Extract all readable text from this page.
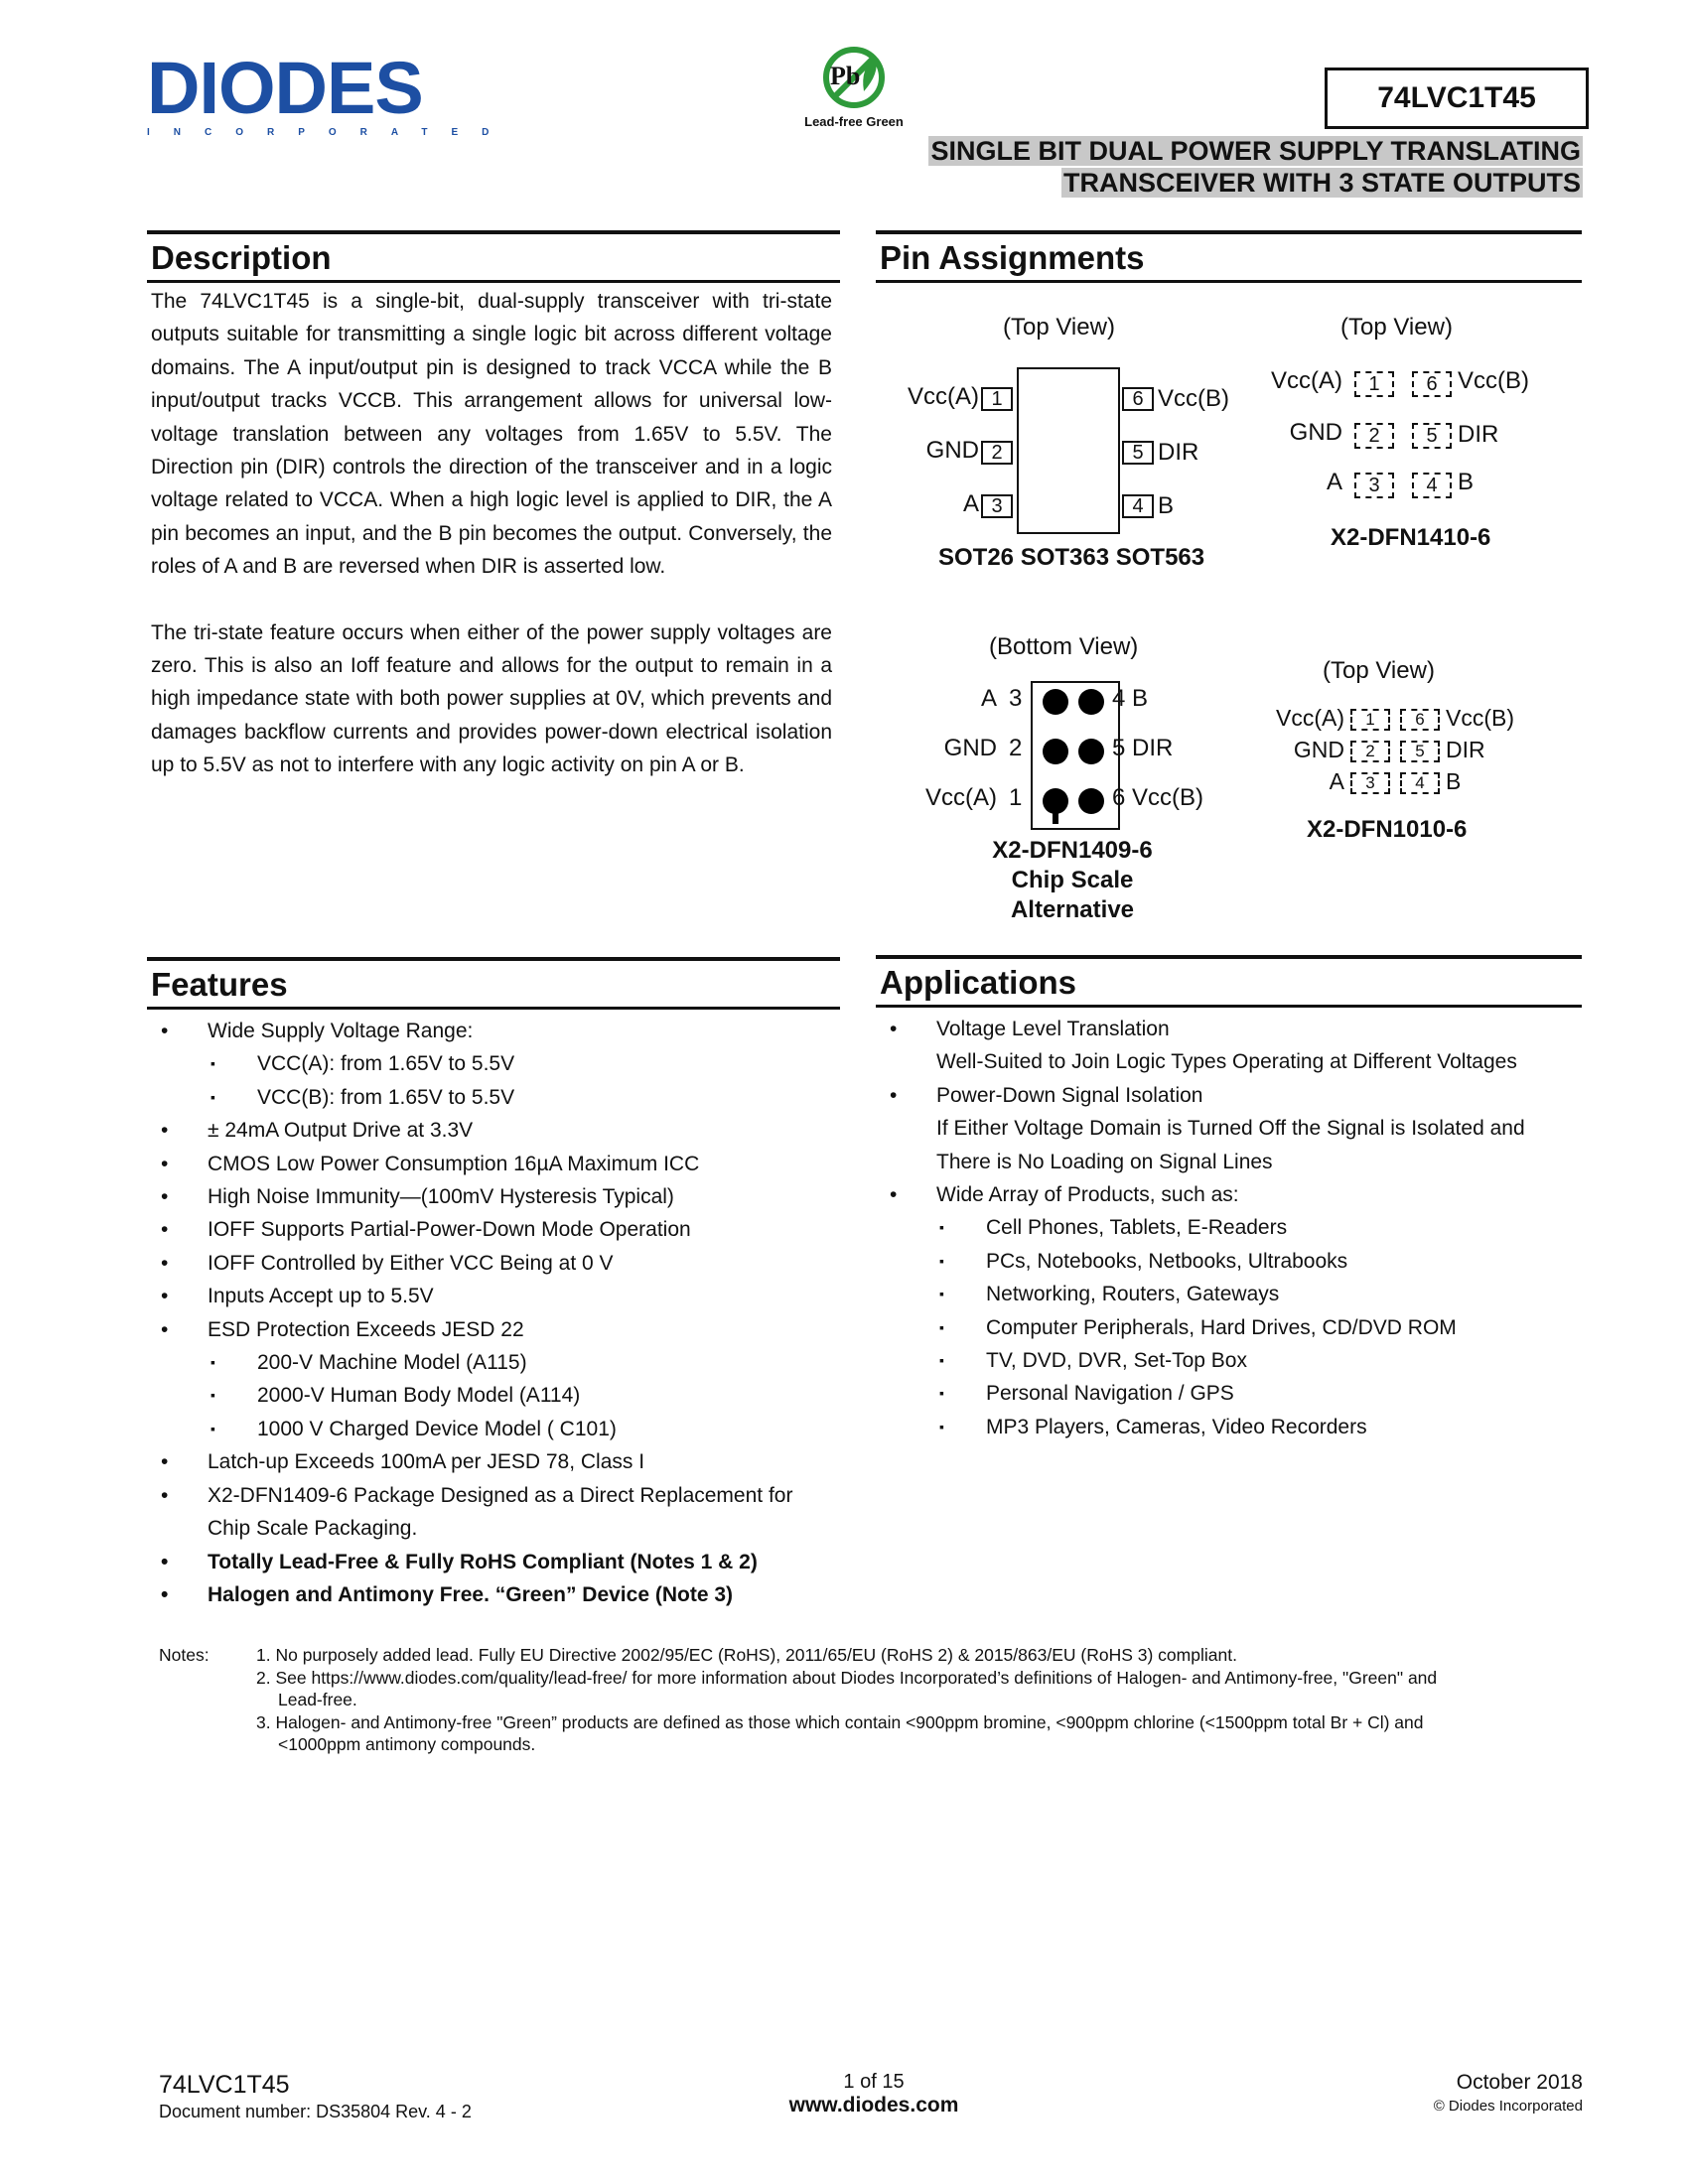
DIODES
INCORPORATED
Pb
Lead-free Green
74LVC1T45
SINGLE BIT DUAL POWER SUPPLY TRANSLATING
TRANSCEIVER WITH 3 STATE OUTPUTS
Description

The 74LVC1T45 is a single-bit, dual-supply transceiver with tri-state outputs suitable for transmitting a single logic bit across different voltage domains. The A input/output pin is designed to track VCCA while the B input/output tracks VCCB. This arrangement allows for universal low-voltage translation between any voltages from 1.65V to 5.5V. The Direction pin (DIR) controls the direction of the transceiver and in a logic voltage related to VCCA. When a high logic level is applied to DIR, the A pin becomes an input, and the B pin becomes the output. Conversely, the roles of A and B are reversed when DIR is asserted low.

The tri-state feature occurs when either of the power supply voltages are zero. This is also an Ioff feature and allows for the output to remain in a high impedance state with both power supplies at 0V, which prevents and damages backflow currents and provides power-down electrical isolation up to 5.5V as not to interfere with any logic activity on pin A or B.

Pin Assignments
(Top View)
Vcc(A) 1
GND 2
A 3
6 Vcc(B)
5 DIR
4 B
SOT26 SOT363 SOT563
(Top View)
Vcc(A)	1	6 Vcc(B)
GND	2	5 DIR
A	3	4 B
X2-DFN1410-6
(Bottom View)
A 3
GND 2
Vcc(A) 1
4 B
5 DIR
6 Vcc(B)
X2-DFN1409-6
Chip Scale
Alternative
(Top View)
Vcc(A)	1	6 Vcc(B)
GND	2	5 DIR
A	3	4 B
X2-DFN1010-6
Features
• Wide Supply Voltage Range:
▪ VCC(A): from 1.65V to 5.5V
▪ VCC(B): from 1.65V to 5.5V
• ± 24mA Output Drive at 3.3V
• CMOS Low Power Consumption 16µA Maximum ICC
• High Noise Immunity—(100mV Hysteresis Typical)
• IOFF Supports Partial-Power-Down Mode Operation
• IOFF Controlled by Either VCC Being at 0 V
• Inputs Accept up to 5.5V
• ESD Protection Exceeds JESD 22
▪ 200-V Machine Model (A115)
▪ 2000-V Human Body Model (A114)
▪ 1000 V Charged Device Model ( C101)
• Latch-up Exceeds 100mA per JESD 78, Class I
• X2-DFN1409-6 Package Designed as a Direct Replacement for
Chip Scale Packaging.
• Totally Lead-Free & Fully RoHS Compliant (Notes 1 & 2)
• Halogen and Antimony Free. “Green” Device (Note 3)
Applications
• Voltage Level Translation
Well-Suited to Join Logic Types Operating at Different Voltages
• Power-Down Signal Isolation
If Either Voltage Domain is Turned Off the Signal is Isolated and
There is No Loading on Signal Lines
• Wide Array of Products, such as:
▪ Cell Phones, Tablets, E-Readers
▪ PCs, Notebooks, Netbooks, Ultrabooks
▪ Networking, Routers, Gateways
▪ Computer Peripherals, Hard Drives, CD/DVD ROM
▪ TV, DVD, DVR, Set-Top Box
▪ Personal Navigation / GPS
▪ MP3 Players, Cameras, Video Recorders
Notes:	1. No purposely added lead. Fully EU Directive 2002/95/EC (RoHS), 2011/65/EU (RoHS 2) & 2015/863/EU (RoHS 3) compliant.
2. See https://www.diodes.com/quality/lead-free/ for more information about Diodes Incorporated’s definitions of Halogen- and Antimony-free, "Green" and
Lead-free.
3. Halogen- and Antimony-free "Green” products are defined as those which contain <900ppm bromine, <900ppm chlorine (<1500ppm total Br + Cl) and
<1000ppm antimony compounds.
74LVC1T45
Document number: DS35804 Rev. 4 - 2
1 of 15
www.diodes.com
October 2018
© Diodes Incorporated
